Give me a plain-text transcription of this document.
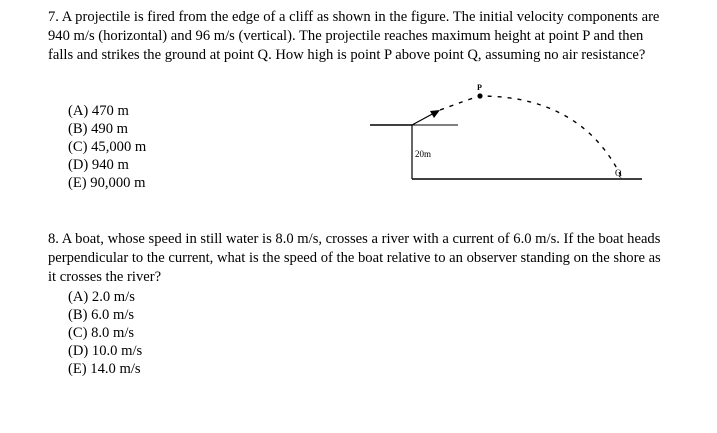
7. A projectile is fired from the edge of a cliff as shown in the figure. The initial velocity components are 940 m/s (horizontal) and 96 m/s (vertical). The projectile reaches maximum height at point P and then falls and strikes the ground at point Q. How high is point P above point Q, assuming no air resistance?
(A) 470 m
(B) 490 m
(C) 45,000 m
(D) 940 m
(E) 90,000 m
P
Q
20m
8. A boat, whose speed in still water is 8.0 m/s, crosses a river with a current of 6.0 m/s. If the boat heads perpendicular to the current, what is the speed of the boat relative to an observer standing on the shore as it crosses the river?
(A) 2.0 m/s
(B) 6.0 m/s
(C) 8.0 m/s
(D) 10.0 m/s
(E) 14.0 m/s
